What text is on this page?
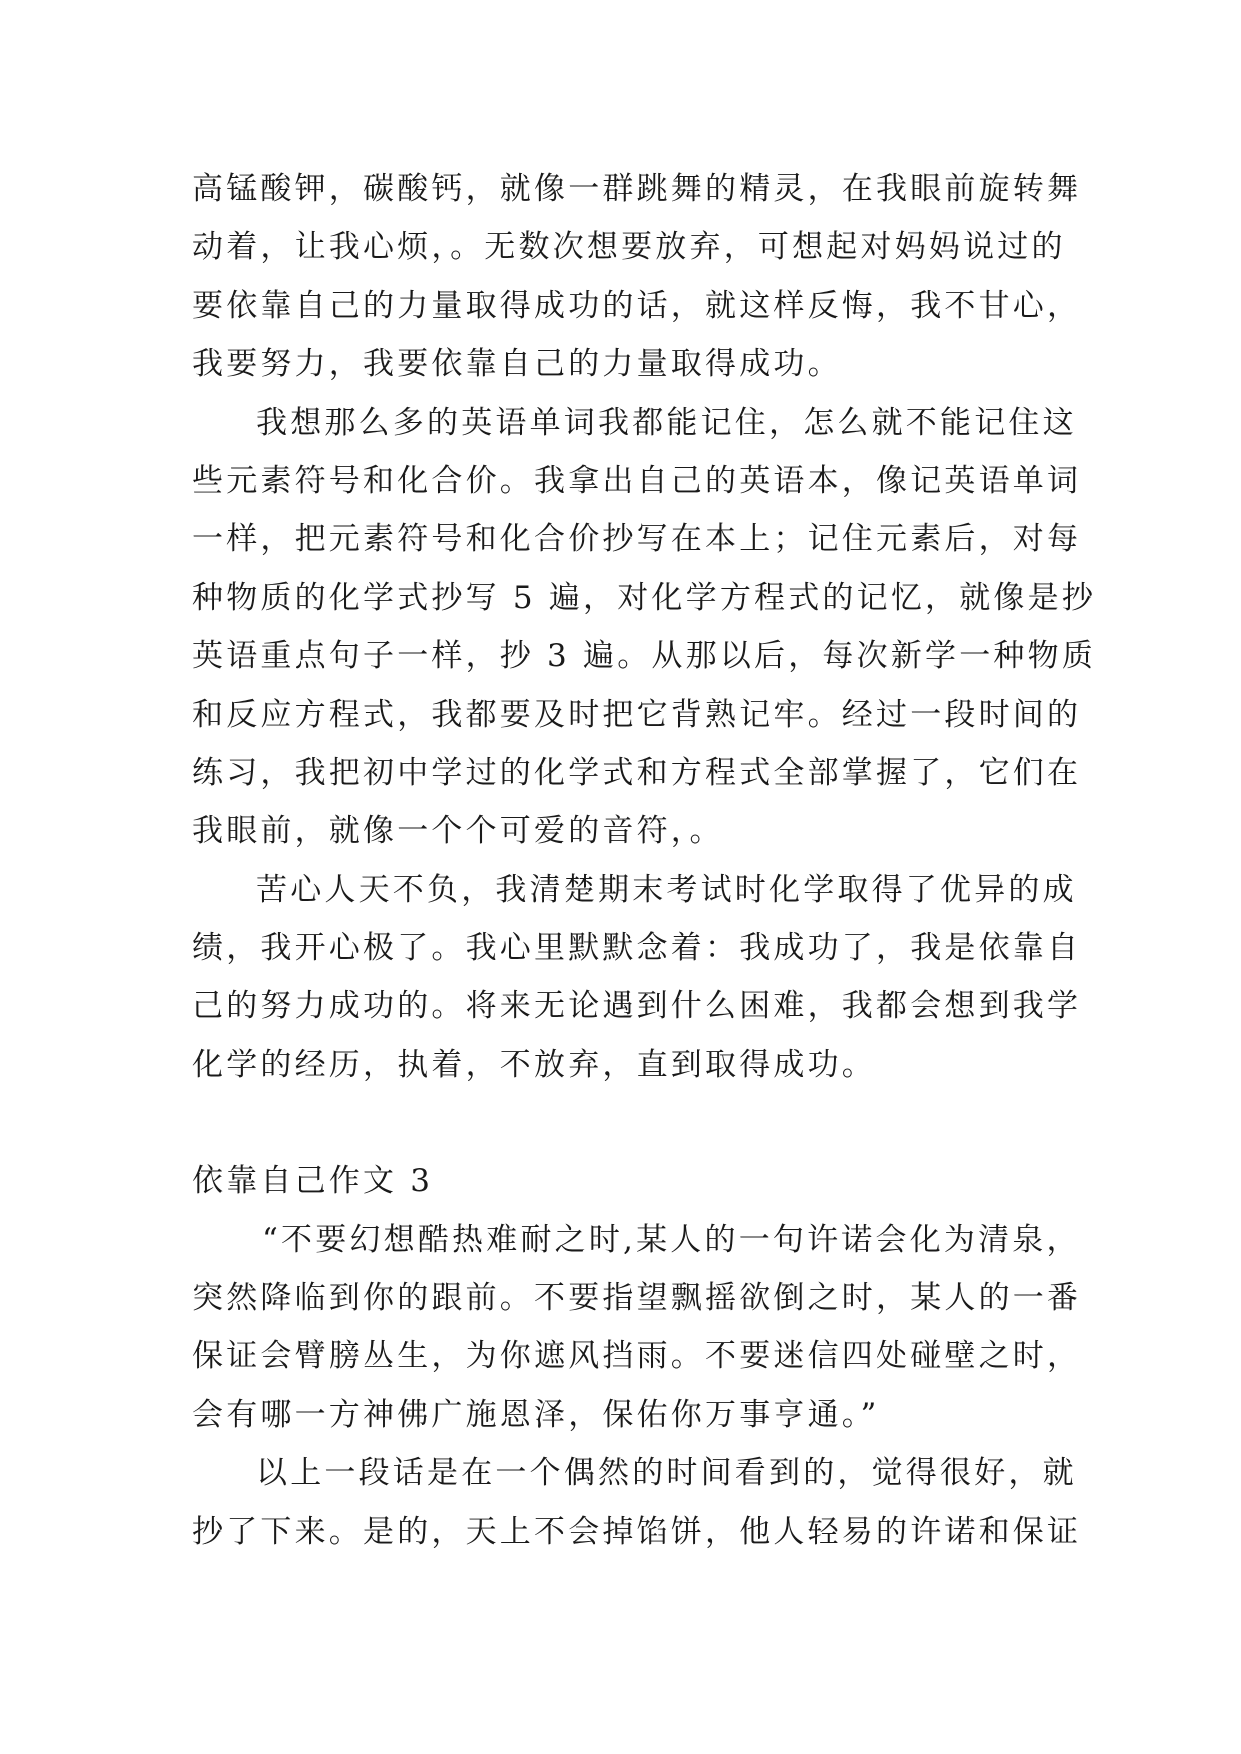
高锰酸钾，碳酸钙，就像一群跳舞的精灵，在我眼前旋转舞
动着，让我心烦，。无数次想要放弃，可想起对妈妈说过的
要依靠自己的力量取得成功的话，就这样反悔，我不甘心，
我要努力，我要依靠自己的力量取得成功。
我想那么多的英语单词我都能记住，怎么就不能记住这
些元素符号和化合价。我拿出自己的英语本，像记英语单词
一样，把元素符号和化合价抄写在本上；记住元素后，对每
种物质的化学式抄写 5 遍，对化学方程式的记忆，就像是抄
英语重点句子一样，抄 3 遍。从那以后，每次新学一种物质
和反应方程式，我都要及时把它背熟记牢。经过一段时间的
练习，我把初中学过的化学式和方程式全部掌握了，它们在
我眼前，就像一个个可爱的音符，。
苦心人天不负，我清楚期末考试时化学取得了优异的成
绩，我开心极了。我心里默默念着：我成功了，我是依靠自
己的努力成功的。将来无论遇到什么困难，我都会想到我学
化学的经历，执着，不放弃，直到取得成功。
依靠自己作文 3
“不要幻想酷热难耐之时,某人的一句许诺会化为清泉，
突然降临到你的跟前。不要指望飘摇欲倒之时，某人的一番
保证会臂膀丛生，为你遮风挡雨。不要迷信四处碰壁之时，
会有哪一方神佛广施恩泽，保佑你万事亨通。”
以上一段话是在一个偶然的时间看到的，觉得很好，就
抄了下来。是的，天上不会掉馅饼，他人轻易的许诺和保证
